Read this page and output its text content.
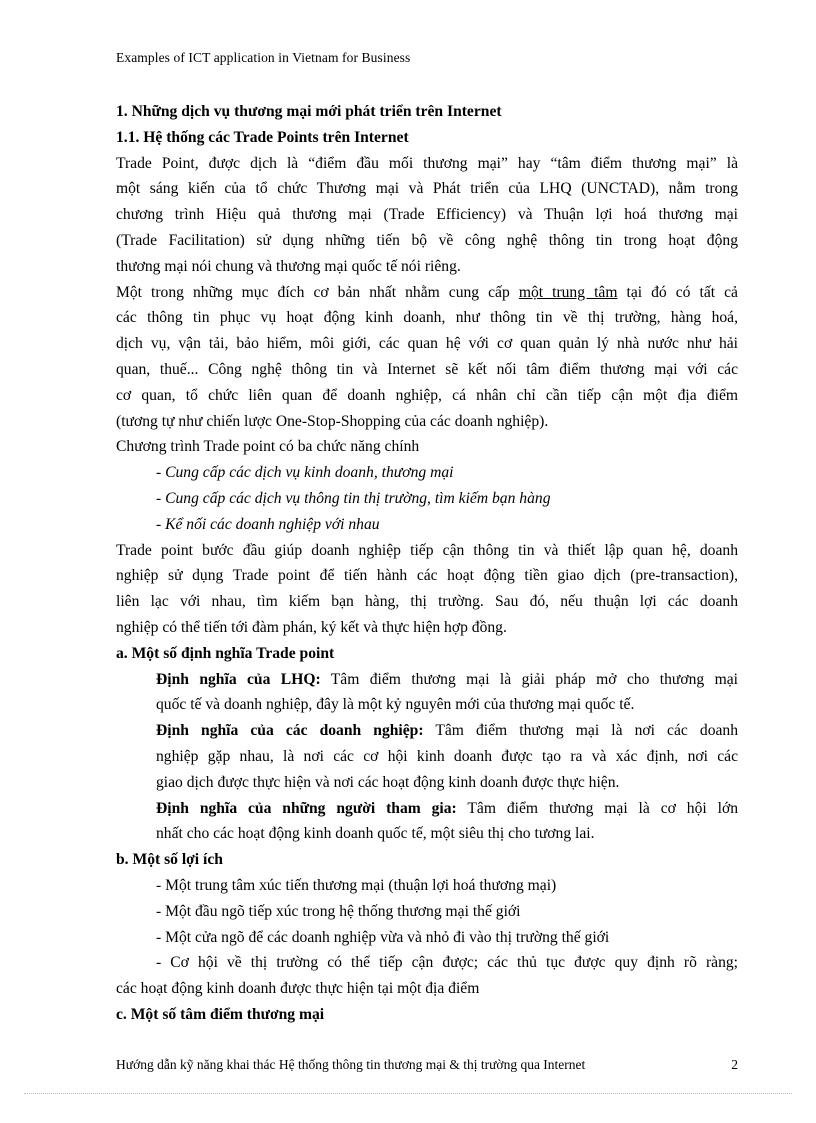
Examples of ICT application in Vietnam for Business

1. Những dịch vụ thương mại mới phát triển trên Internet

1.1. Hệ thống các Trade Points trên Internet

Trade Point, được dịch là “điểm đầu mối thương mại” hay “tâm điểm thương mại” là

một sáng kiến của tổ chức Thương mại và Phát triển của LHQ (UNCTAD), nằm trong

chương trình Hiệu quả thương mại (Trade Efficiency) và Thuận lợi hoá thương mại

(Trade Facilitation) sử dụng những tiến bộ về công nghệ thông tin trong hoạt động

thương mại nói chung và thương mại quốc tế nói riêng.

Một trong những mục đích cơ bản nhất nhằm cung cấp một trung tâm tại đó có tất cả

các thông tin phục vụ hoạt động kinh doanh, như thông tin về thị trường, hàng hoá,

dịch vụ, vận tải, bảo hiểm, môi giới, các quan hệ với cơ quan quản lý nhà nước như hải

quan, thuế... Công nghệ thông tin và Internet sẽ kết nối tâm điểm thương mại với các

cơ quan, tổ chức liên quan để doanh nghiệp, cá nhân chỉ cần tiếp cận một địa điểm

(tương tự như chiến lược One-Stop-Shopping của các doanh nghiệp).

Chương trình Trade point có ba chức năng chính

- Cung cấp các dịch vụ kinh doanh, thương mại

- Cung cấp các dịch vụ thông tin thị trường, tìm kiếm bạn hàng

- Kể nối các doanh nghiệp với nhau

Trade point bước đầu giúp doanh nghiệp tiếp cận thông tin và thiết lập quan hệ, doanh

nghiệp sử dụng Trade point để tiến hành các hoạt động tiền giao dịch (pre-transaction),

liên lạc với nhau, tìm kiếm bạn hàng, thị trường. Sau đó, nếu thuận lợi các doanh

nghiệp có thể tiến tới đàm phán, ký kết và thực hiện hợp đồng.

a. Một số định nghĩa Trade point

Định nghĩa của LHQ: Tâm điểm thương mại là giải pháp mở cho thương mại

quốc tế và doanh nghiệp, đây là một kỷ nguyên mới của thương mại quốc tế.

Định nghĩa của các doanh nghiệp: Tâm điểm thương mại là nơi các doanh

nghiệp gặp nhau, là nơi các cơ hội kinh doanh được tạo ra và xác định, nơi các

giao dịch được thực hiện và nơi các hoạt động kinh doanh được thực hiện.

Định nghĩa của những người tham gia: Tâm điểm thương mại là cơ hội lớn

nhất cho các hoạt động kinh doanh quốc tế, một siêu thị cho tương lai.

b. Một số lợi ích

- Một trung tâm xúc tiến thương mại (thuận lợi hoá thương mại)

- Một đầu ngõ tiếp xúc trong hệ thống thương mại thế giới

- Một cửa ngõ để các doanh nghiệp vừa và nhỏ đi vào thị trường thế giới

- Cơ hội về thị trường có thể tiếp cận được; các thủ tục được quy định rõ ràng;

các hoạt động kinh doanh được thực hiện tại một địa điểm

c. Một số tâm điểm thương mại

Hướng dẫn kỹ năng khai thác Hệ thống thông tin thương mại & thị trường qua Internet	2
